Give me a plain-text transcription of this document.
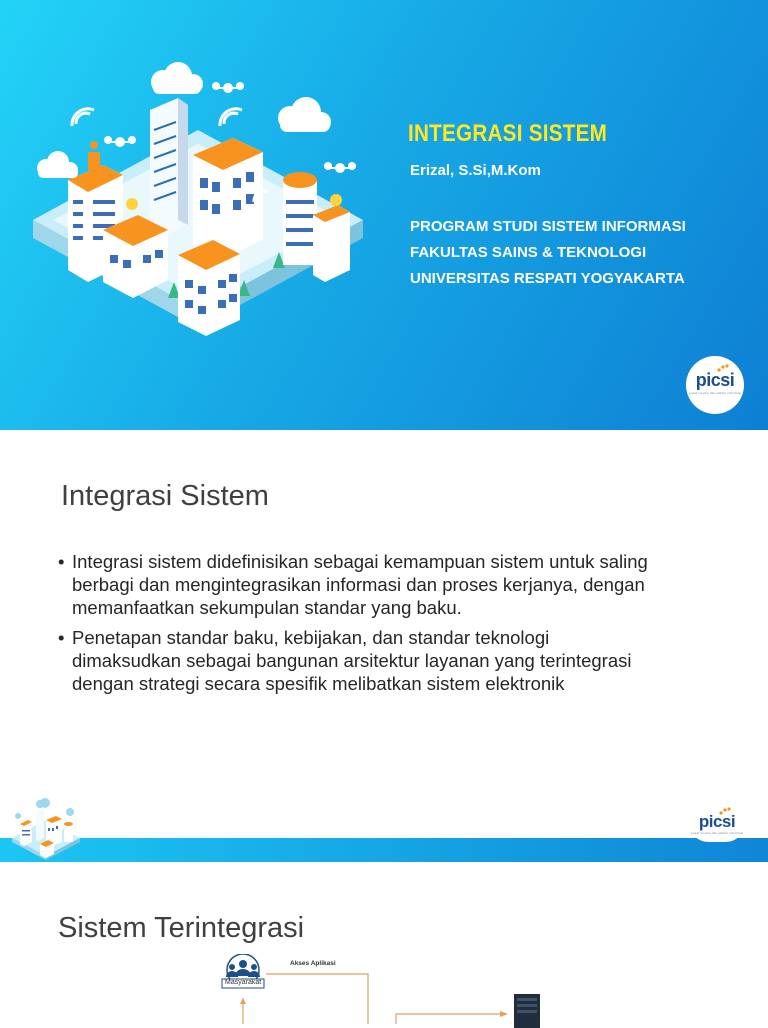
INTEGRASI SISTEM
Erizal, S.Si,M.Kom
PROGRAM STUDI SISTEM INFORMASI
FAKULTAS SAINS & TEKNOLOGI
UNIVERSITAS RESPATI YOGYAKARTA
picsi
pusat inovasi dan sistem informasi
Integrasi Sistem
• Integrasi sistem didefinisikan sebagai kemampuan sistem untuk saling
berbagi dan mengintegrasikan informasi dan proses kerjanya, dengan
memanfaatkan sekumpulan standar yang baku.
• Penetapan standar baku, kebijakan, dan standar teknologi
dimaksudkan sebagai bangunan arsitektur layanan yang terintegrasi
dengan strategi secara spesifik melibatkan sistem elektronik
picsi
pusat inovasi dan sistem informasi
Sistem Terintegrasi
Masyarakat
Akses Aplikasi
